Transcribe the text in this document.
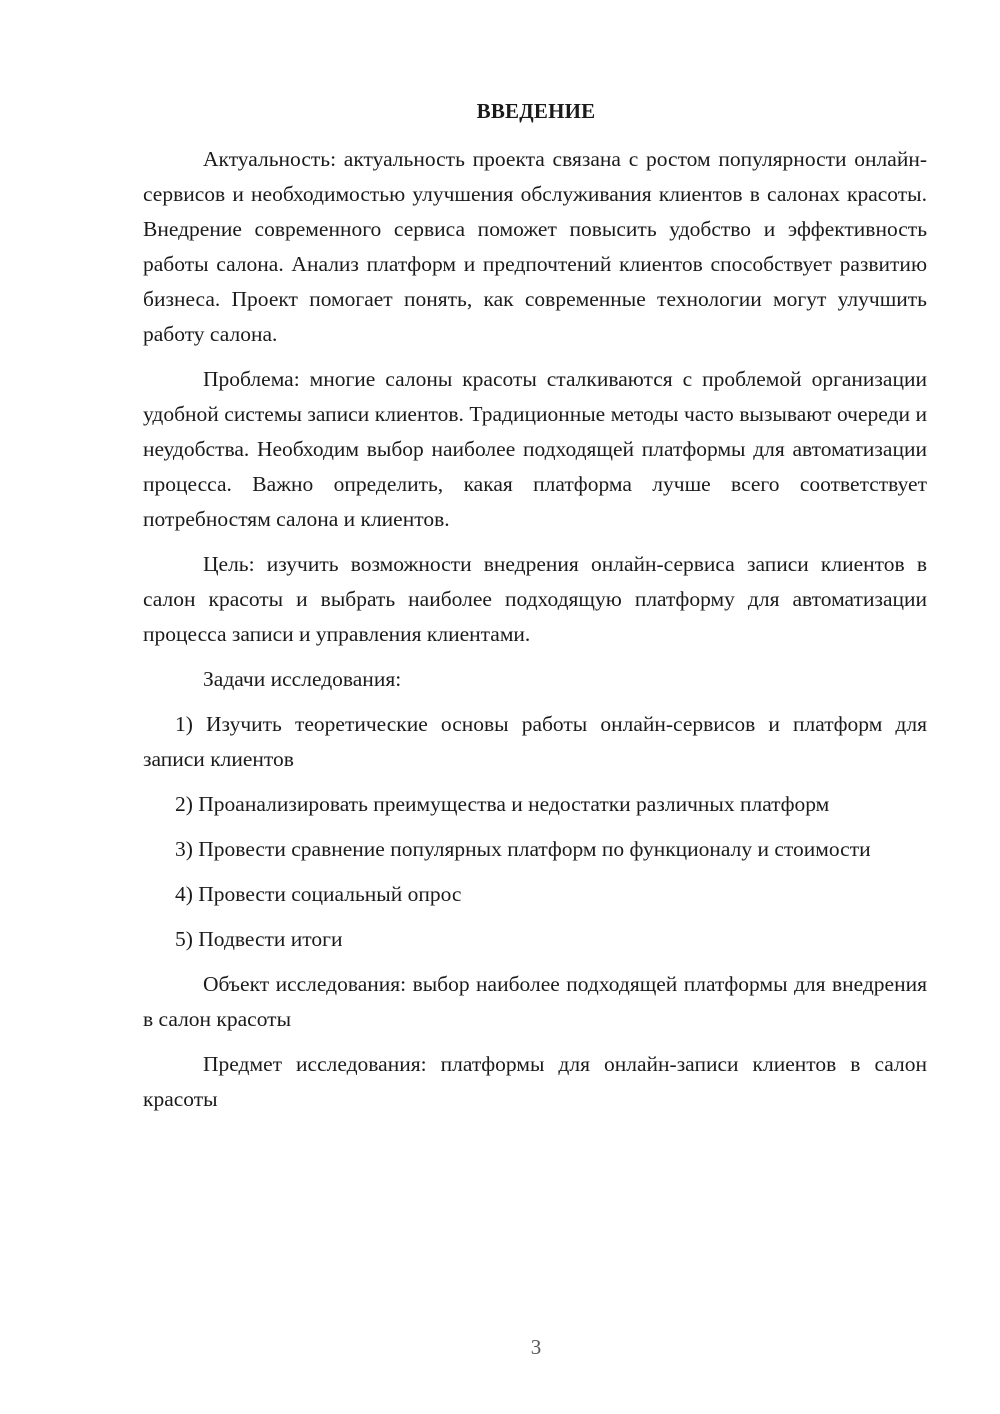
ВВЕДЕНИЕ

Актуальность: актуальность проекта связана с ростом популярности онлайн-сервисов и необходимостью улучшения обслуживания клиентов в салонах красоты. Внедрение современного сервиса поможет повысить удобство и эффективность работы салона. Анализ платформ и предпочтений клиентов способствует развитию бизнеса. Проект помогает понять, как современные технологии могут улучшить работу салона.

Проблема: многие салоны красоты сталкиваются с проблемой организации удобной системы записи клиентов. Традиционные методы часто вызывают очереди и неудобства. Необходим выбор наиболее подходящей платформы для автоматизации процесса. Важно определить, какая платформа лучше всего соответствует потребностям салона и клиентов.

Цель: изучить возможности внедрения онлайн-сервиса записи клиентов в салон красоты и выбрать наиболее подходящую платформу для автоматизации процесса записи и управления клиентами.

Задачи исследования:

1) Изучить теоретические основы работы онлайн-сервисов и платформ для записи клиентов

2) Проанализировать преимущества и недостатки различных платформ

3) Провести сравнение популярных платформ по функционалу и стоимости

4) Провести социальный опрос

5) Подвести итоги

Объект исследования: выбор наиболее подходящей платформы для внедрения в салон красоты

Предмет исследования: платформы для онлайн-записи клиентов в салон красоты

3
